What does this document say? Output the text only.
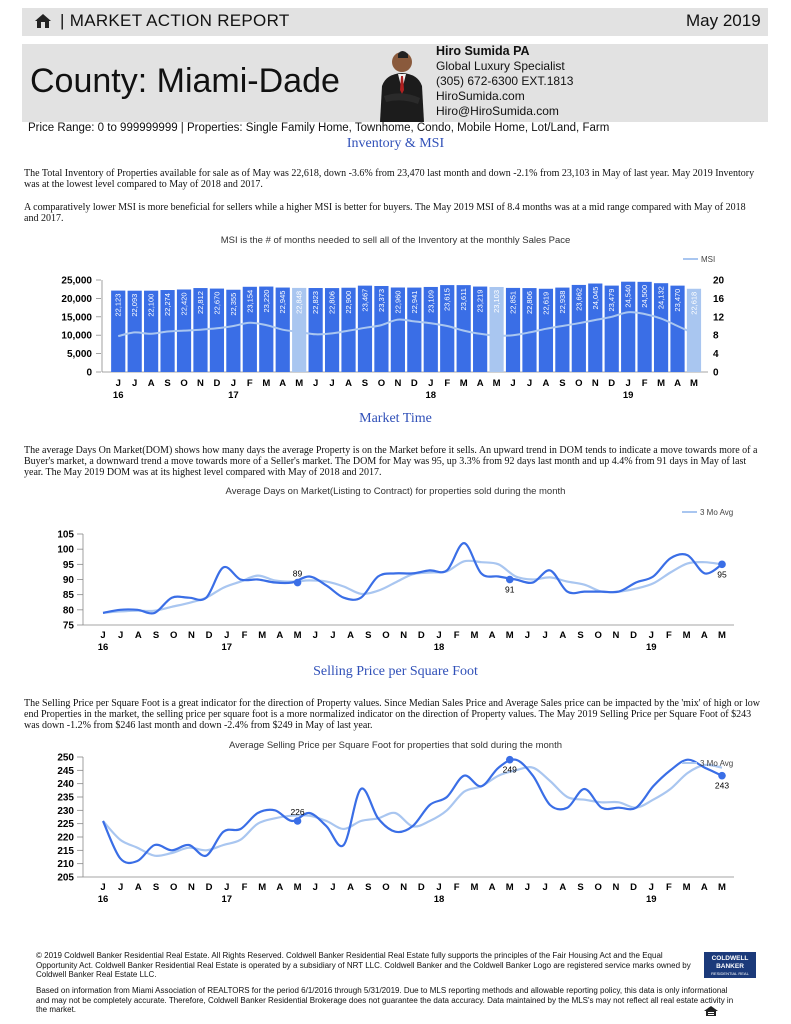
| MARKET ACTION REPORT	May 2019
County: Miami-Dade
Hiro Sumida PA
Global Luxury Specialist
(305) 672-6300 EXT.1813
HiroSumida.com
Hiro@HiroSumida.com
Price Range: 0 to 999999999 | Properties: Single Family Home, Townhome, Condo, Mobile Home, Lot/Land, Farm
Inventory & MSI
The Total Inventory of Properties available for sale as of May was 22,618, down -3.6% from 23,470 last month and down -2.1% from 23,103 in May of last year. May 2019 Inventory was at the lowest level compared to May of 2018 and 2017.
A comparatively lower MSI is more beneficial for sellers while a higher MSI is better for buyers. The May 2019 MSI of 8.4 months was at a mid range compared with May of 2018 and 2017.
MSI is the # of months needed to sell all of the Inventory at the monthly Sales Pace
0
5,000
10,000
15,000
20,000
25,000
0
4
8
12
16
20
22,123 22,093 22,100 22,274 22,420 22,812 22,670 22,355 23,154 23,220 22,945 22,848 22,823 22,806 22,900 23,467 23,373 22,960 22,941 23,109 23,615 23,611 23,219 23,103 22,851 22,806 22,619 22,938 23,662 24,045 23,479 24,540 24,500 24,132 23,470 22,618
MSI
J J A S O N D J F M A M J J A S O N D J F M A M J J A S O N D J F M A M
16	17	18	19
Market Time
The average Days On Market(DOM) shows how many days the average Property is on the Market before it sells. An upward trend in DOM tends to indicate a move towards more of a Buyer's market, a downward trend a move towards more of a Seller's market. The DOM for May was 95, up 3.3% from 92 days last month and up 4.4% from 91 days in May of last year. The May 2019 DOM was at its highest level compared with May of 2018 and 2017.
Average Days on Market(Listing to Contract) for properties sold during the month
75
80
85
90
95
100
105
89
91
95
3 Mo Avg
J J A S O N D J F M A M J J A S O N D J F M A M J J A S O N D J F M A M
16	17	18	19
Selling Price per Square Foot
The Selling Price per Square Foot is a great indicator for the direction of Property values. Since Median Sales Price and Average Sales price can be impacted by the 'mix' of high or low end Properties in the market, the selling price per square foot is a more normalized indicator on the direction of Property values. The May 2019 Selling Price per Square Foot of $243 was down -1.2% from $246 last month and down -2.4% from $249 in May of last year.
Average Selling Price per Square Foot for properties that sold during the month
205
210
215
220
225
230
235
240
245
250
226
249
243
3 Mo Avg
J J A S O N D J F M A M J J A S O N D J F M A M J J A S O N D J F M A M
16	17	18	19
© 2019 Coldwell Banker Residential Real Estate. All Rights Reserved. Coldwell Banker Residential Real Estate fully supports the principles of the Fair Housing Act and the Equal Opportunity Act. Coldwell Banker Residential Real Estate is operated by a subsidiary of NRT LLC. Coldwell Banker and the Coldwell Banker Logo are registered service marks owned by Coldwell Banker Real Estate LLC.
Based on information from Miami Association of REALTORS for the period 6/1/2016 through 5/31/2019. Due to MLS reporting methods and allowable reporting policy, this data is only informational and may not be completely accurate. Therefore, Coldwell Banker Residential Brokerage does not guarantee the data accuracy. Data maintained by the MLS's may not reflect all real estate activity in the market.
COLDWELL BANKER
RESIDENTIAL REAL ESTATE
